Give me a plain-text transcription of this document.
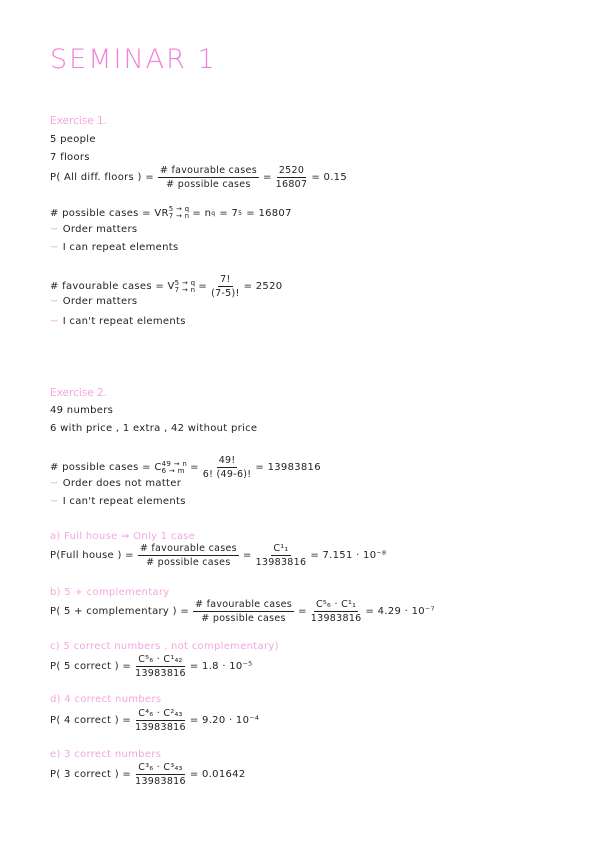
SEMINAR 1
Exercise 1.
5 people
7 floors
P( All diff. floors ) = $\frac{\text{\# favourable cases}}{\text{\# possible cases}} = \frac{2520}{16807} = 0.15$
# possible cases = VR 5 → q
7 → n = n q = 7 5 = 16807
~ Order matters
~ I can repeat elements
# favourable cases = V 5 → q
$7 \to n = \frac{7!}{(7-5)!} = 2520$
~ Order matters
~ I can't repeat elements
Exercise 2.
49 numbers
6 with price , 1 extra , 42 without price
# possible cases = C 49 → n
$6 \to m = \frac{49!}{6! (49-6)!} = 13983816$
~ Order does not matter
~ I can't repeat elements
a) Full house ⇒ Only 1 case
P(Full house ) = $\frac{\text{\# favourable cases}}{\text{\# possible cases}} = \frac{\text{C¹₁}}{13983816} = 7.151 \cdot 10^{-8}$
b) 5 + complementary
P( 5 + complementary ) = $\frac{\text{\# favourable cases}}{\text{\# possible cases}} = \frac{\text{C⁵₆ · C¹₁}}{13983816} = 4.29 \cdot 10^{-7}$
c) 5 correct numbers , not complementary)
P( 5 correct ) = $\frac{\text{C⁵₆ · C¹₄₂}}{13983816} = 1.8 \cdot 10^{-5}$
d) 4 correct numbers
P( 4 correct ) = $\frac{\text{C⁴₆ · C²₄₃}}{13983816} = 9.20 \cdot 10^{-4}$
e) 3 correct numbers
P( 3 correct ) = $\frac{\text{C³₆ · C³₄₃}}{13983816} = 0.01642$
